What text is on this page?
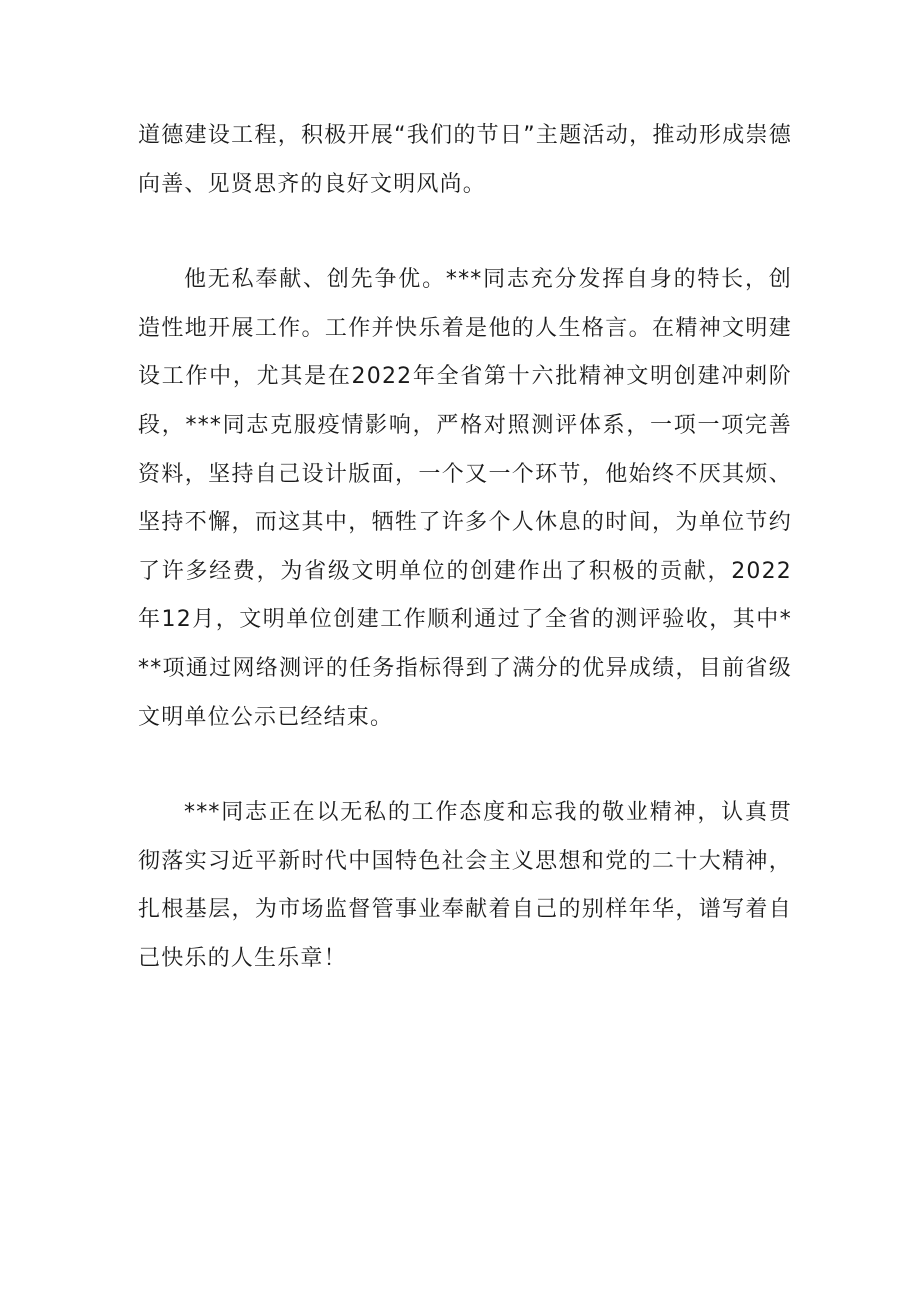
道德建设工程，积极开展“我们的节日”主题活动，推动形成崇德向善、见贤思齐的良好文明风尚。

他无私奉献、创先争优。***同志充分发挥自身的特长，创造性地开展工作。工作并快乐着是他的人生格言。在精神文明建设工作中，尤其是在2022年全省第十六批精神文明创建冲刺阶段，***同志克服疫情影响，严格对照测评体系，一项一项完善资料，坚持自己设计版面，一个又一个环节，他始终不厌其烦、坚持不懈，而这其中，牺牲了许多个人休息的时间，为单位节约了许多经费，为省级文明单位的创建作出了积极的贡献，2022年12月，文明单位创建工作顺利通过了全省的测评验收，其中***项通过网络测评的任务指标得到了满分的优异成绩，目前省级文明单位公示已经结束。

***同志正在以无私的工作态度和忘我的敬业精神，认真贯彻落实习近平新时代中国特色社会主义思想和党的二十大精神，扎根基层，为市场监督管事业奉献着自己的别样年华，谱写着自己快乐的人生乐章！
